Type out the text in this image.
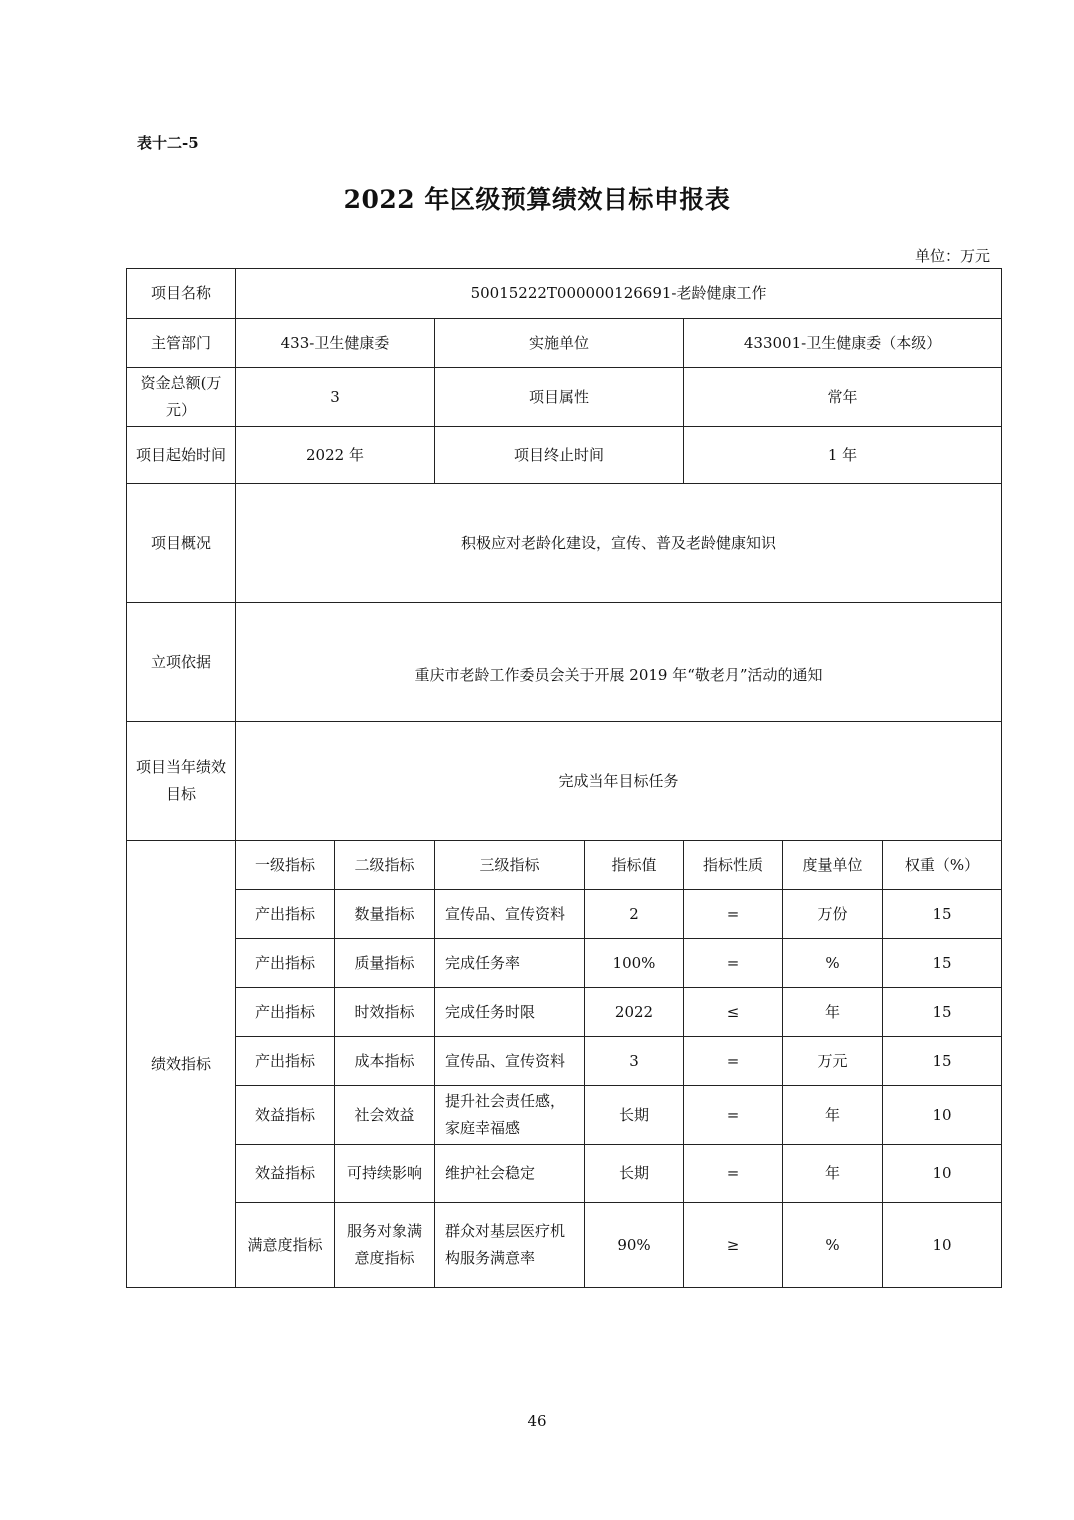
表十二-5
2022 年区级预算绩效目标申报表
单位：万元
项目名称	50015222T000000126691-老龄健康工作						
主管部门	433-卫生健康委		实施单位		433001-卫生健康委（本级）		
资金总额(万元）	3		项目属性		常年		
项目起始时间	2022 年		项目终止时间		1 年		
项目概况	积极应对老龄化建设，宣传、普及老龄健康知识						
立项依据	重庆市老龄工作委员会关于开展 2019 年“敬老月”活动的通知						
项目当年绩效目标	完成当年目标任务						
绩效指标	一级指标	二级指标	三级指标	指标值	指标性质	度量单位	权重（%）
	产出指标	数量指标	宣传品、宣传资料	2	=	万份	15
	产出指标	质量指标	完成任务率	100%	=	%	15
	产出指标	时效指标	完成任务时限	2022	≤	年	15
	产出指标	成本指标	宣传品、宣传资料	3	=	万元	15
	效益指标	社会效益	提升社会责任感，家庭幸福感	长期	=	年	10
	效益指标	可持续影响	维护社会稳定	长期	=	年	10
	满意度指标	服务对象满意度指标	群众对基层医疗机构服务满意率	90%	≥	%	10
46
